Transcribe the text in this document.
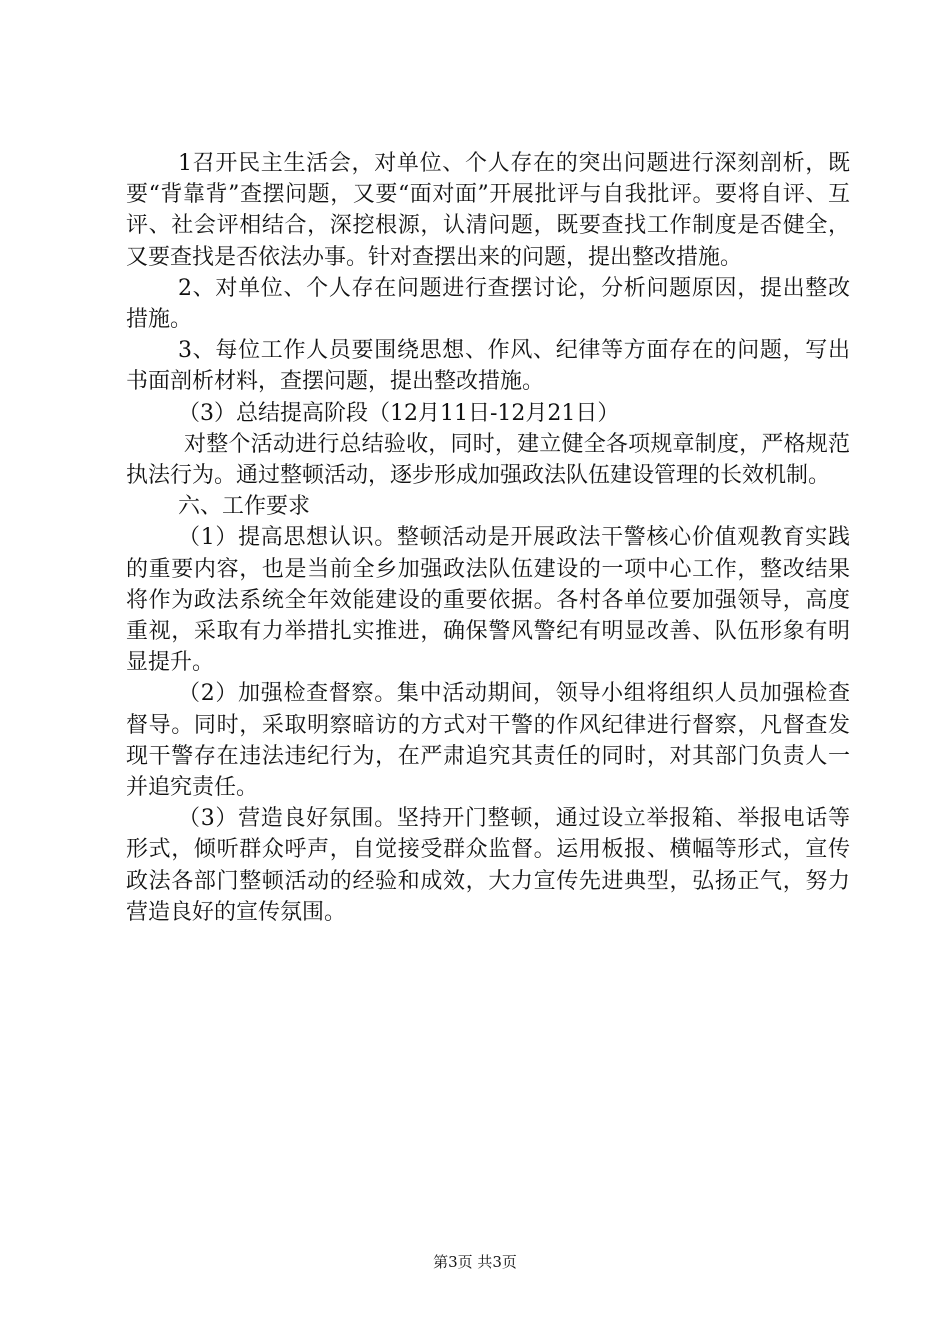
1召开民主生活会，对单位、个人存在的突出问题进行深刻剖析，既要“背靠背”查摆问题，又要“面对面”开展批评与自我批评。要将自评、互评、社会评相结合，深挖根源，认清问题，既要查找工作制度是否健全，又要查找是否依法办事。针对查摆出来的问题，提出整改措施。

2、对单位、个人存在问题进行查摆讨论，分析问题原因，提出整改措施。

3、每位工作人员要围绕思想、作风、纪律等方面存在的问题，写出书面剖析材料，查摆问题，提出整改措施。

（3）总结提高阶段（12月11日-12月21日）

对整个活动进行总结验收，同时，建立健全各项规章制度，严格规范执法行为。通过整顿活动，逐步形成加强政法队伍建设管理的长效机制。

六、工作要求

（1）提高思想认识。整顿活动是开展政法干警核心价值观教育实践的重要内容，也是当前全乡加强政法队伍建设的一项中心工作，整改结果将作为政法系统全年效能建设的重要依据。各村各单位要加强领导，高度重视，采取有力举措扎实推进，确保警风警纪有明显改善、队伍形象有明显提升。

（2）加强检查督察。集中活动期间，领导小组将组织人员加强检查督导。同时，采取明察暗访的方式对干警的作风纪律进行督察，凡督查发现干警存在违法违纪行为，在严肃追究其责任的同时，对其部门负责人一并追究责任。

（3）营造良好氛围。坚持开门整顿，通过设立举报箱、举报电话等形式，倾听群众呼声，自觉接受群众监督。运用板报、横幅等形式，宣传政法各部门整顿活动的经验和成效，大力宣传先进典型，弘扬正气，努力营造良好的宣传氛围。

第3页 共3页
